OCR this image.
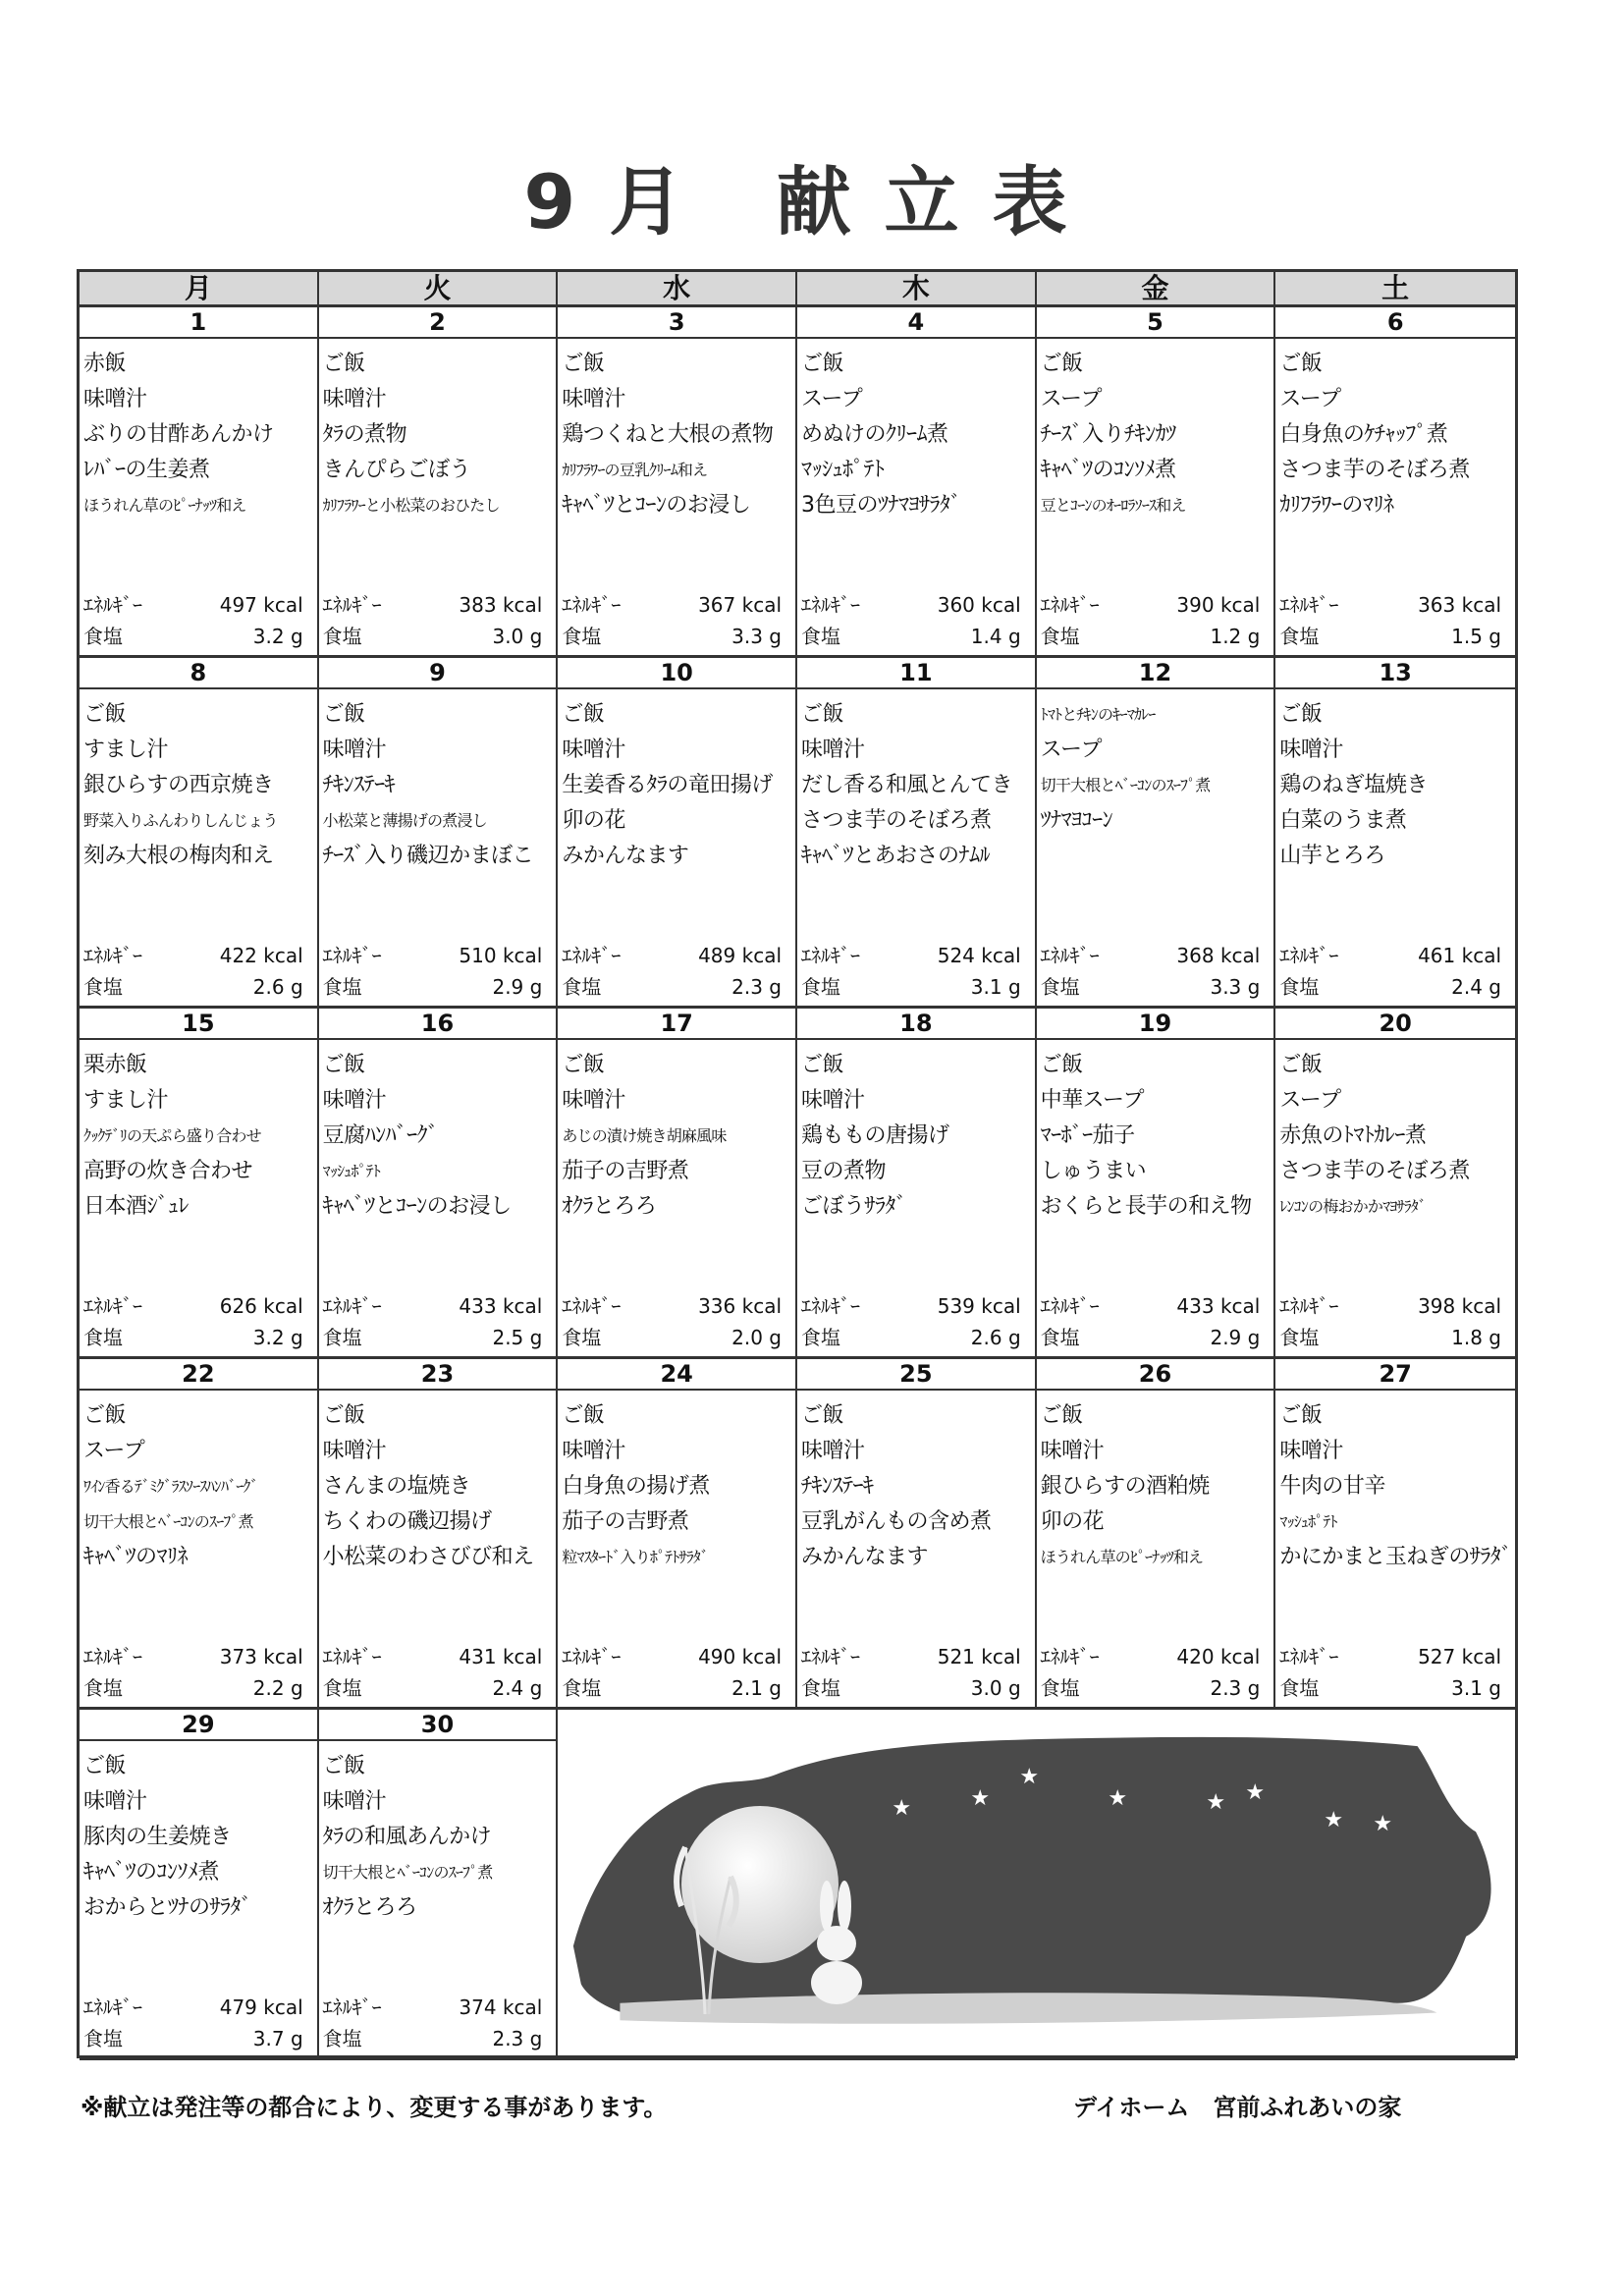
9月 献立表
月	火	水	木	金	土
1
赤飯
味噌汁
ぶりの甘酢あんかけ
ﾚﾊﾞｰの生姜煮
ほうれん草のﾋﾟｰﾅｯﾂ和え
ｴﾈﾙｷﾞｰ	497 kcal
食塩	3.2 g
2
ご飯
味噌汁
ﾀﾗの煮物
きんぴらごぼう
ｶﾘﾌﾗﾜｰと小松菜のおひたし
ｴﾈﾙｷﾞｰ	383 kcal
食塩	3.0 g
3
ご飯
味噌汁
鶏つくねと大根の煮物
ｶﾘﾌﾗﾜｰの豆乳ｸﾘｰﾑ和え
ｷｬﾍﾞﾂとｺｰﾝのお浸し
ｴﾈﾙｷﾞｰ	367 kcal
食塩	3.3 g
4
ご飯
スープ
めぬけのｸﾘｰﾑ煮
ﾏｯｼｭﾎﾟﾃﾄ
3色豆のﾂﾅﾏﾖｻﾗﾀﾞ
ｴﾈﾙｷﾞｰ	360 kcal
食塩	1.4 g
5
ご飯
スープ
ﾁｰｽﾞ入りﾁｷﾝｶﾂ
ｷｬﾍﾞﾂのｺﾝｿﾒ煮
豆とｺｰﾝのｵｰﾛﾗｿｰｽ和え
ｴﾈﾙｷﾞｰ	390 kcal
食塩	1.2 g
6
ご飯
スープ
白身魚のｹﾁｬｯﾌﾟ煮
さつま芋のそぼろ煮
ｶﾘﾌﾗﾜｰのﾏﾘﾈ
ｴﾈﾙｷﾞｰ	363 kcal
食塩	1.5 g
8
ご飯
すまし汁
銀ひらすの西京焼き
野菜入りふんわりしんじょう
刻み大根の梅肉和え
ｴﾈﾙｷﾞｰ	422 kcal
食塩	2.6 g
9
ご飯
味噌汁
ﾁｷﾝｽﾃｰｷ
小松菜と薄揚げの煮浸し
ﾁｰｽﾞ入り磯辺かまぼこ
ｴﾈﾙｷﾞｰ	510 kcal
食塩	2.9 g
10
ご飯
味噌汁
生姜香るﾀﾗの竜田揚げ
卯の花
みかんなます
ｴﾈﾙｷﾞｰ	489 kcal
食塩	2.3 g
11
ご飯
味噌汁
だし香る和風とんてき
さつま芋のそぼろ煮
ｷｬﾍﾞﾂとあおさのﾅﾑﾙ
ｴﾈﾙｷﾞｰ	524 kcal
食塩	3.1 g
12
ﾄﾏﾄとﾁｷﾝのｷｰﾏｶﾚｰ
スープ
切干大根とﾍﾞｰｺﾝのｽｰﾌﾟ煮
ﾂﾅﾏﾖｺｰﾝ
ｴﾈﾙｷﾞｰ	368 kcal
食塩	3.3 g
13
ご飯
味噌汁
鶏のねぎ塩焼き
白菜のうま煮
山芋とろろ
ｴﾈﾙｷﾞｰ	461 kcal
食塩	2.4 g
15
栗赤飯
すまし汁
ｸｯｸﾃﾞﾘの天ぷら盛り合わせ
高野の炊き合わせ
日本酒ｼﾞｭﾚ
ｴﾈﾙｷﾞｰ	626 kcal
食塩	3.2 g
16
ご飯
味噌汁
豆腐ﾊﾝﾊﾞｰｸﾞ
ﾏｯｼｭﾎﾟﾃﾄ
ｷｬﾍﾞﾂとｺｰﾝのお浸し
ｴﾈﾙｷﾞｰ	433 kcal
食塩	2.5 g
17
ご飯
味噌汁
あじの漬け焼き胡麻風味
茄子の吉野煮
ｵｸﾗとろろ
ｴﾈﾙｷﾞｰ	336 kcal
食塩	2.0 g
18
ご飯
味噌汁
鶏ももの唐揚げ
豆の煮物
ごぼうｻﾗﾀﾞ
ｴﾈﾙｷﾞｰ	539 kcal
食塩	2.6 g
19
ご飯
中華スープ
ﾏｰﾎﾞｰ茄子
しゅうまい
おくらと長芋の和え物
ｴﾈﾙｷﾞｰ	433 kcal
食塩	2.9 g
20
ご飯
スープ
赤魚のﾄﾏﾄｶﾚｰ煮
さつま芋のそぼろ煮
ﾚﾝｺﾝの梅おかかﾏﾖｻﾗﾀﾞ
ｴﾈﾙｷﾞｰ	398 kcal
食塩	1.8 g
22
ご飯
スープ
ﾜｲﾝ香るﾃﾞﾐｸﾞﾗｽｿｰｽﾊﾝﾊﾞｰｸﾞ
切干大根とﾍﾞｰｺﾝのｽｰﾌﾟ煮
ｷｬﾍﾞﾂのﾏﾘﾈ
ｴﾈﾙｷﾞｰ	373 kcal
食塩	2.2 g
23
ご飯
味噌汁
さんまの塩焼き
ちくわの磯辺揚げ
小松菜のわさびび和え
ｴﾈﾙｷﾞｰ	431 kcal
食塩	2.4 g
24
ご飯
味噌汁
白身魚の揚げ煮
茄子の吉野煮
粒ﾏｽﾀｰﾄﾞ入りﾎﾟﾃﾄｻﾗﾀﾞ
ｴﾈﾙｷﾞｰ	490 kcal
食塩	2.1 g
25
ご飯
味噌汁
ﾁｷﾝｽﾃｰｷ
豆乳がんもの含め煮
みかんなます
ｴﾈﾙｷﾞｰ	521 kcal
食塩	3.0 g
26
ご飯
味噌汁
銀ひらすの酒粕焼
卯の花
ほうれん草のﾋﾟｰﾅｯﾂ和え
ｴﾈﾙｷﾞｰ	420 kcal
食塩	2.3 g
27
ご飯
味噌汁
牛肉の甘辛
ﾏｯｼｭﾎﾟﾃﾄ
かにかまと玉ねぎのｻﾗﾀﾞ
ｴﾈﾙｷﾞｰ	527 kcal
食塩	3.1 g
29
ご飯
味噌汁
豚肉の生姜焼き
ｷｬﾍﾞﾂのｺﾝｿﾒ煮
おからとﾂﾅのｻﾗﾀﾞ
ｴﾈﾙｷﾞｰ	479 kcal
食塩	3.7 g
30
ご飯
味噌汁
ﾀﾗの和風あんかけ
切干大根とﾍﾞｰｺﾝのｽｰﾌﾟ煮
ｵｸﾗとろろ
ｴﾈﾙｷﾞｰ	374 kcal
食塩	2.3 g
★	★
★
★	★ ★
★ ★
※献立は発注等の都合により、変更する事があります。	デイホーム　宮前ふれあいの家
